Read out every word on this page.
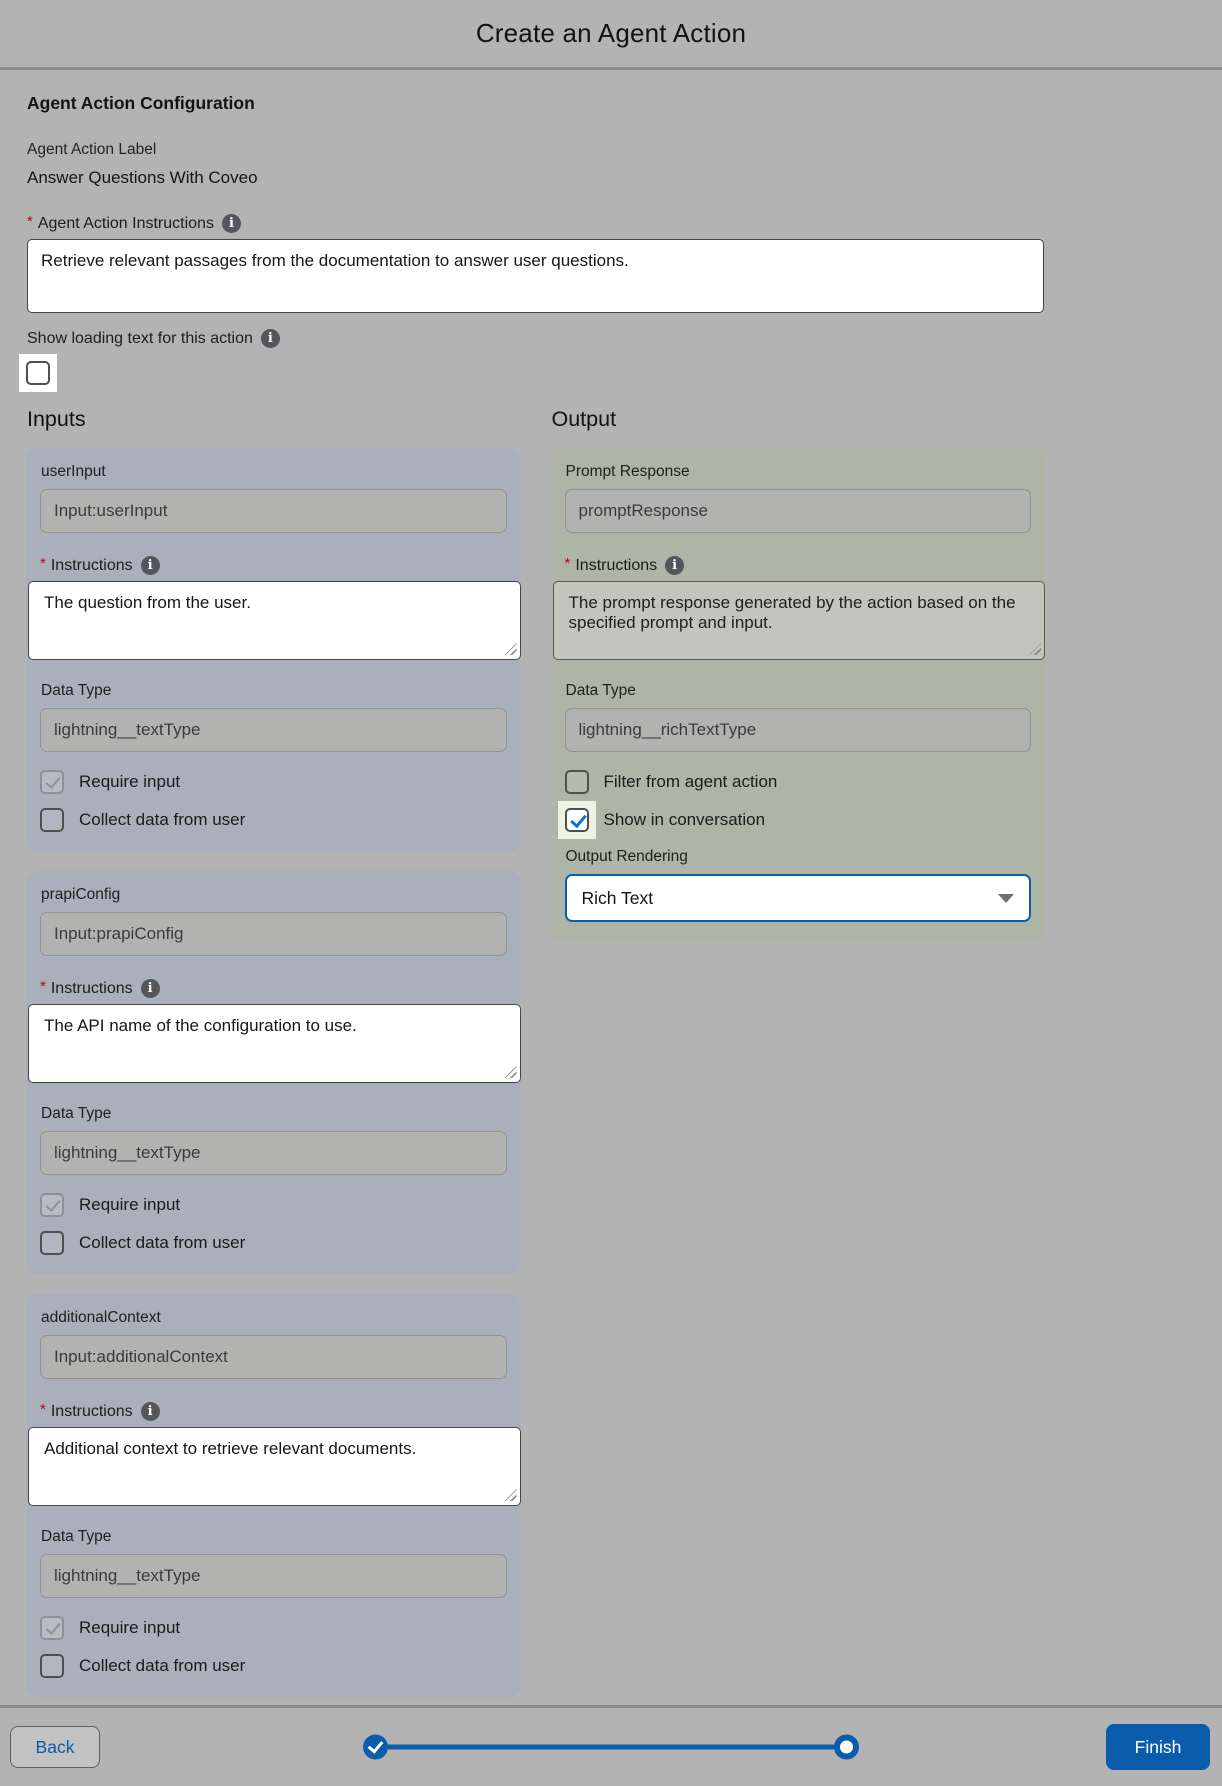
Create an Agent Action
Agent Action Configuration
Agent Action Label
Answer Questions With Coveo
* Agent Action Instructions
i
Retrieve relevant passages from the documentation to answer user questions.
Show loading text for this action
i
Inputs
userInput
Input:userInput
* Instructions
i
The question from the user.
Data Type
lightning__textType
Require input
Collect data from user
prapiConfig
Input:prapiConfig
* Instructions
i
The API name of the configuration to use.
Data Type
lightning__textType
Require input
Collect data from user
additionalContext
Input:additionalContext
* Instructions
i
Additional context to retrieve relevant documents.
Data Type
lightning__textType
Require input
Collect data from user
Output
Prompt Response
promptResponse
* Instructions
i
The prompt response generated by the action based on the specified prompt and input.
Data Type
lightning__richTextType
Filter from agent action
Show in conversation
Output Rendering
Rich Text
Back	Finish
